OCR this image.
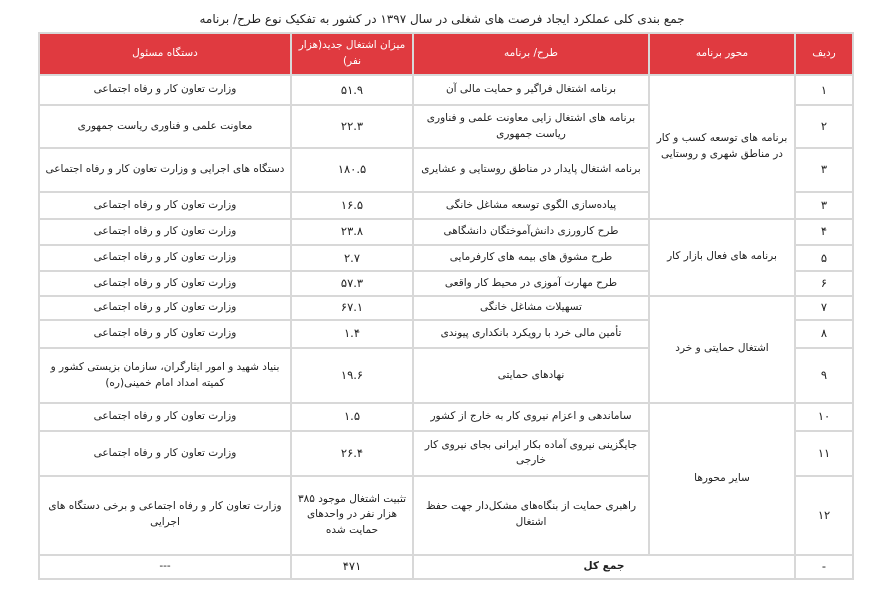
جمع بندی کلی عملکرد ایجاد فرصت های شغلی در سال ۱۳۹۷ در کشور به تفکیک نوع طرح/ برنامه
ردیف	محور برنامه	طرح/ برنامه	میزان اشتغال جدید(هزار نفر)	دستگاه مسئول
۱	برنامه های توسعه کسب و کار در مناطق شهری و روستایی	برنامه اشتغال فراگیر و حمایت مالی آن	۵۱.۹	وزارت تعاون کار و رفاه اجتماعی
۲		برنامه های اشتغال زایی معاونت علمی و فناوری ریاست جمهوری	۲۲.۳	معاونت علمی و فناوری ریاست جمهوری
۳		برنامه اشتغال پایدار در مناطق روستایی و عشایری	۱۸۰.۵	دستگاه های اجرایی و وزارت تعاون کار و رفاه اجتماعی
۳		پیاده‌سازی الگوی توسعه مشاغل خانگی	۱۶.۵	وزارت تعاون کار و رفاه اجتماعی
۴	برنامه های فعال بازار کار	طرح کارورزی دانش‌آموختگان دانشگاهی	۲۳.۸	وزارت تعاون کار و رفاه اجتماعی
۵		طرح مشوق های بیمه های کارفرمایی	۲.۷	وزارت تعاون کار و رفاه اجتماعی
۶		طرح مهارت آموزی در محیط کار واقعی	۵۷.۳	وزارت تعاون کار و رفاه اجتماعی
۷	اشتغال حمایتی و خرد	تسهیلات مشاغل خانگی	۶۷.۱	وزارت تعاون کار و رفاه اجتماعی
۸		تأمین مالی خرد با رویکرد بانکداری پیوندی	۱.۴	وزارت تعاون کار و رفاه اجتماعی
۹		نهادهای حمایتی	۱۹.۶	بنیاد شهید و امور ایثارگران، سازمان بزیستی کشور و کمیته امداد امام خمینی(ره)
۱۰	سایر محورها	ساماندهی و اعزام نیروی کار به خارج از کشور	۱.۵	وزارت تعاون کار و رفاه اجتماعی
۱۱		جایگزینی نیروی آماده بکار ایرانی بجای نیروی کار خارجی	۲۶.۴	وزارت تعاون کار و رفاه اجتماعی
۱۲		راهبری حمایت از بنگاه‌های مشکل‌دار جهت حفظ اشتغال	تثبیت اشتغال موجود ۳۸۵ هزار نفر در واحدهای حمایت شده	وزارت تعاون کار و رفاه اجتماعی و برخی دستگاه های اجرایی
-	جمع کل		۴۷۱	---
